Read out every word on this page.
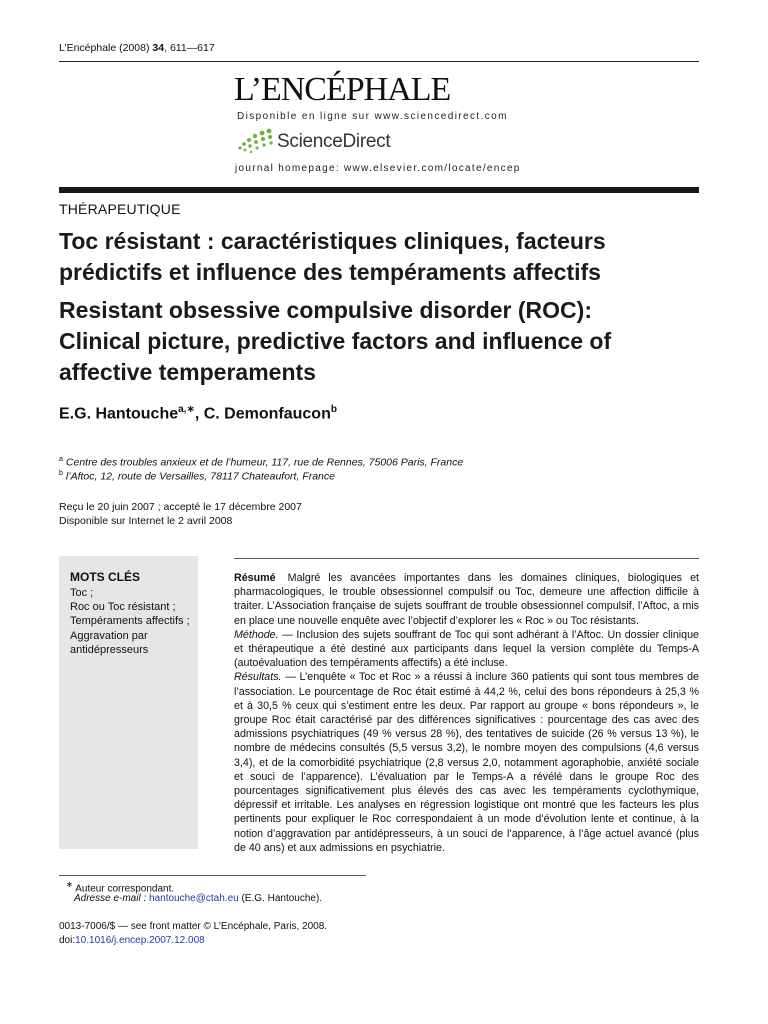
L’Encéphale (2008) 34, 611—617
L’ENCÉPHALE
Disponible en ligne sur www.sciencedirect.com
ScienceDirect
journal homepage: www.elsevier.com/locate/encep
THÉRAPEUTIQUE
Toc résistant : caractéristiques cliniques, facteurs
prédictifs et influence des tempéraments affectifs
Resistant obsessive compulsive disorder (ROC):
Clinical picture, predictive factors and influence of
affective temperaments
E.G. Hantouche$^{a,∗}$, C. Demonfaucon$^b$
$^a$ Centre des troubles anxieux et de l’humeur, 117, rue de Rennes, 75006 Paris, France
$^b$ l’Aftoc, 12, route de Versailles, 78117 Chateaufort, France
Reçu le 20 juin 2007 ; accepté le 17 décembre 2007
Disponible sur Internet le 2 avril 2008
MOTS CLÉS
Toc ;
Roc ou Toc résistant ;
Tempéraments affectifs ;
Aggravation par antidépresseurs

Résumé Malgré les avancées importantes dans les domaines cliniques, biologiques et pharmacologiques, le trouble obsessionnel compulsif ou Toc, demeure une affection difficile à traiter. L’Association française de sujets souffrant de trouble obsessionnel compulsif, l’Aftoc, a mis en place une nouvelle enquête avec l’objectif d’explorer les « Roc » ou Toc résistants.

Méthode. — Inclusion des sujets souffrant de Toc qui sont adhérant à l’Aftoc. Un dossier clinique et thérapeutique a été destiné aux participants dans lequel la version complète du Temps-A (autoévaluation des tempéraments affectifs) a été incluse.

Résultats. — L’enquête « Toc et Roc » a réussi à inclure 360 patients qui sont tous membres de l’association. Le pourcentage de Roc était estimé à 44,2 %, celui des bons répondeurs à 25,3 % et à 30,5 % ceux qui s’estiment entre les deux. Par rapport au groupe « bons répondeurs », le groupe Roc était caractérisé par des différences significatives : pourcentage des cas avec des admissions psychiatriques (49 % versus 28 %), des tentatives de suicide (26 % versus 13 %), le nombre de médecins consultés (5,5 versus 3,2), le nombre moyen des compulsions (4,6 versus 3,4), et de la comorbidité psychiatrique (2,8 versus 2,0, notamment agoraphobie, anxiété sociale et souci de l’apparence). L’évaluation par le Temps-A a révélé dans le groupe Roc des pourcentages significativement plus élevés des cas avec les tempéraments cyclothymique, dépressif et irritable. Les analyses en régression logistique ont montré que les facteurs les plus pertinents pour expliquer le Roc correspondaient à un mode d’évolution lente et continue, à la notion d’aggravation par antidépresseurs, à un souci de l’apparence, à l’âge actuel avancé (plus de 40 ans) et aux admissions en psychiatrie.

∗ Auteur correspondant.
Adresse e-mail : hantouche@ctah.eu (E.G. Hantouche).
0013-7006/$ — see front matter © L’Encéphale, Paris, 2008.
doi:10.1016/j.encep.2007.12.008
